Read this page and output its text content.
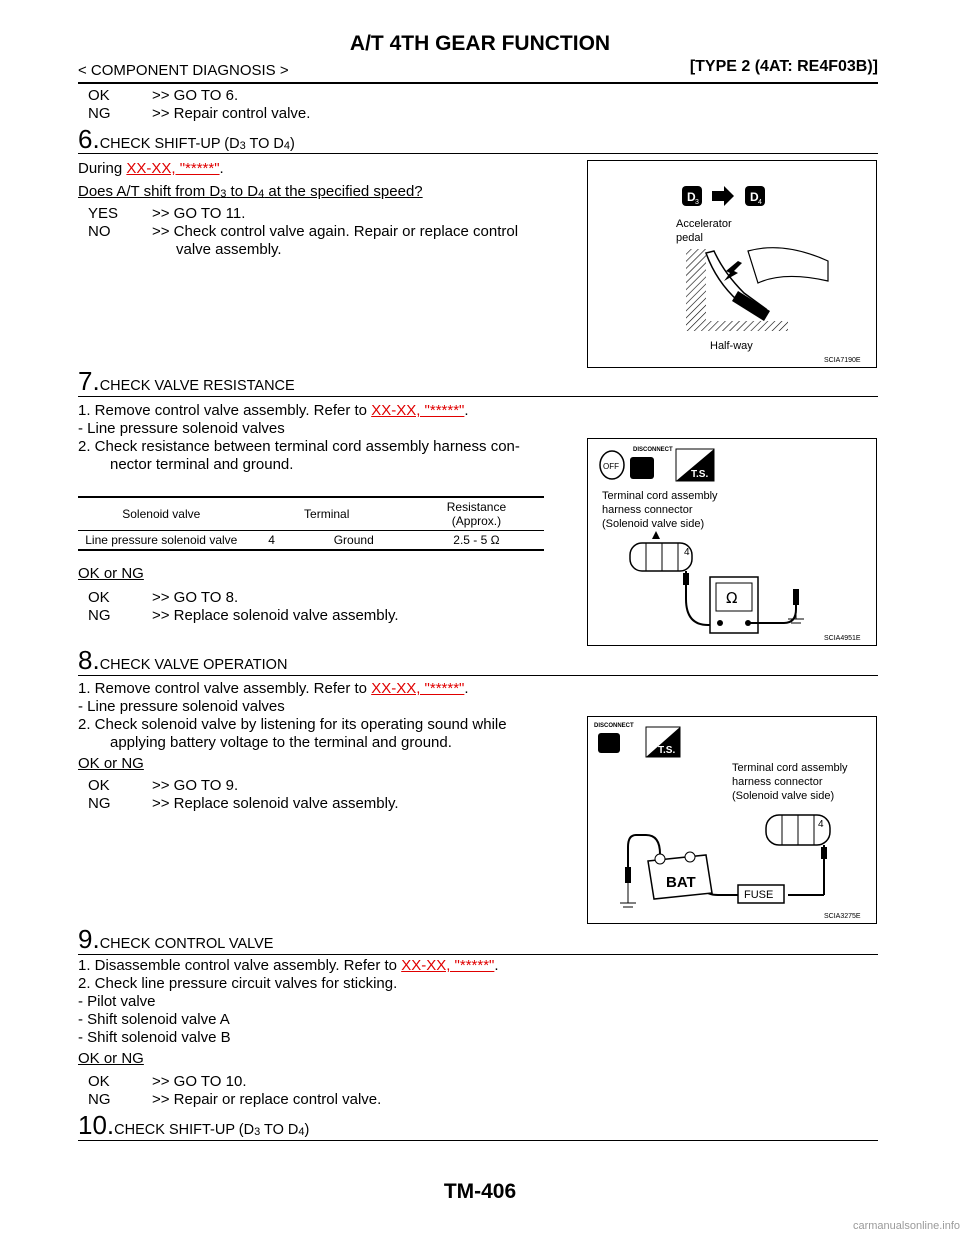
A/T 4TH GEAR FUNCTION
< COMPONENT DIAGNOSIS >	[TYPE 2 (4AT: RE4F03B)]
OK	>> GO TO 6.
NG	>> Repair control valve.
6.CHECK SHIFT-UP (D3 TO D4)
During XX-XX, "*****".
Does A/T shift from D3 to D4 at the specified speed?
YES >> GO TO 11.
NO	>> Check control valve again. Repair or replace control
valve assembly.
D 3	D 4
Accelerator
pedal
Half-way
SCIA7190E
7.CHECK VALVE RESISTANCE
1. Remove control valve assembly. Refer to XX-XX, "*****".
- Line pressure solenoid valves
2. Check resistance between terminal cord assembly harness con-
nector terminal and ground.
Solenoid valve	Terminal		Resistance
(Approx.)
Line pressure solenoid valve	4	Ground	2.5 - 5 Ω
OK or NG
OK	>> GO TO 8.
NG	>> Replace solenoid valve assembly.
OFF
DISCONNECT
T.S.
Terminal cord assembly
harness connector
(Solenoid valve side)
4
Ω
SCIA4951E
8.CHECK VALVE OPERATION
1. Remove control valve assembly. Refer to XX-XX, "*****".
- Line pressure solenoid valves
2. Check solenoid valve by listening for its operating sound while
applying battery voltage to the terminal and ground.
OK or NG
OK	>> GO TO 9.
NG	>> Replace solenoid valve assembly.
DISCONNECT
T.S.
Terminal cord assembly
harness connector
(Solenoid valve side)
4
FUSE
BAT
SCIA3275E
9.CHECK CONTROL VALVE
1. Disassemble control valve assembly. Refer to XX-XX, "*****".
2. Check line pressure circuit valves for sticking.
- Pilot valve
- Shift solenoid valve A
- Shift solenoid valve B
OK or NG
OK	>> GO TO 10.
NG	>> Repair or replace control valve.
10.CHECK SHIFT-UP (D3 TO D4)
TM-406
carmanualsonline.info
